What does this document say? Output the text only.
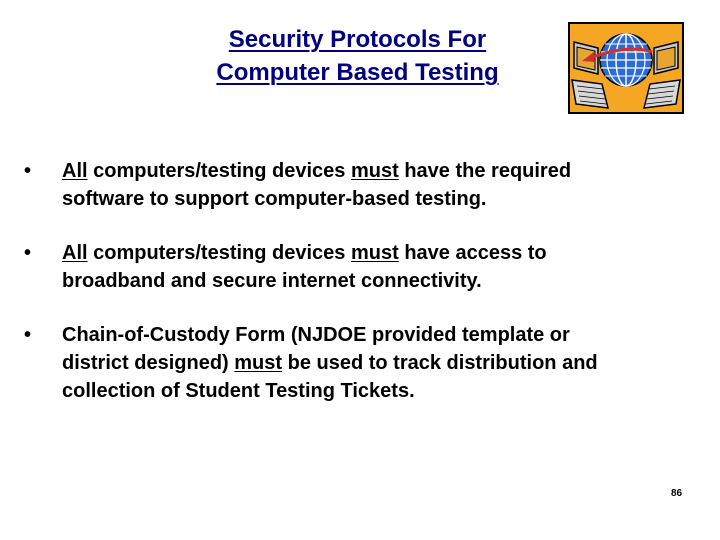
Security Protocols For
Computer Based Testing
•	All computers/testing devices must have the required
software to support computer-based testing.
•	All computers/testing devices must have access to
broadband and secure internet connectivity.
•	Chain-of-Custody Form (NJDOE provided template or
district designed) must be used to track distribution and
collection of Student Testing Tickets.
86
